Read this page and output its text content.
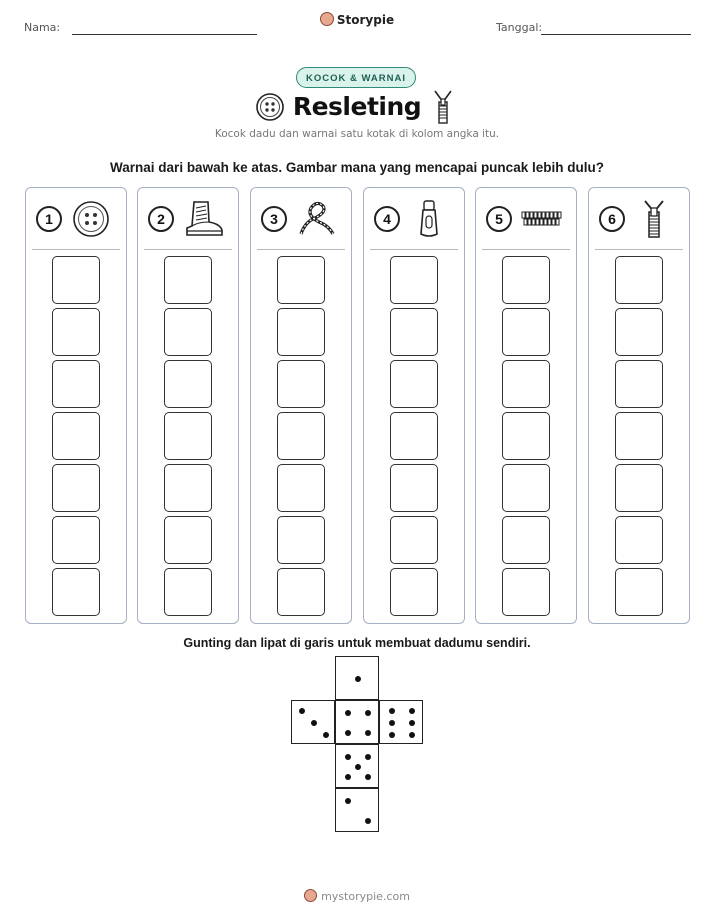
Nama:
Storypie
Tanggal:
KOCOK & WARNAI
Resleting
Kocok dadu dan warnai satu kotak di kolom angka itu.
Warnai dari bawah ke atas. Gambar mana yang mencapai puncak lebih dulu?
1	2	3	4	5	6
Gunting dan lipat di garis untuk membuat dadumu sendiri.
mystorypie.com
